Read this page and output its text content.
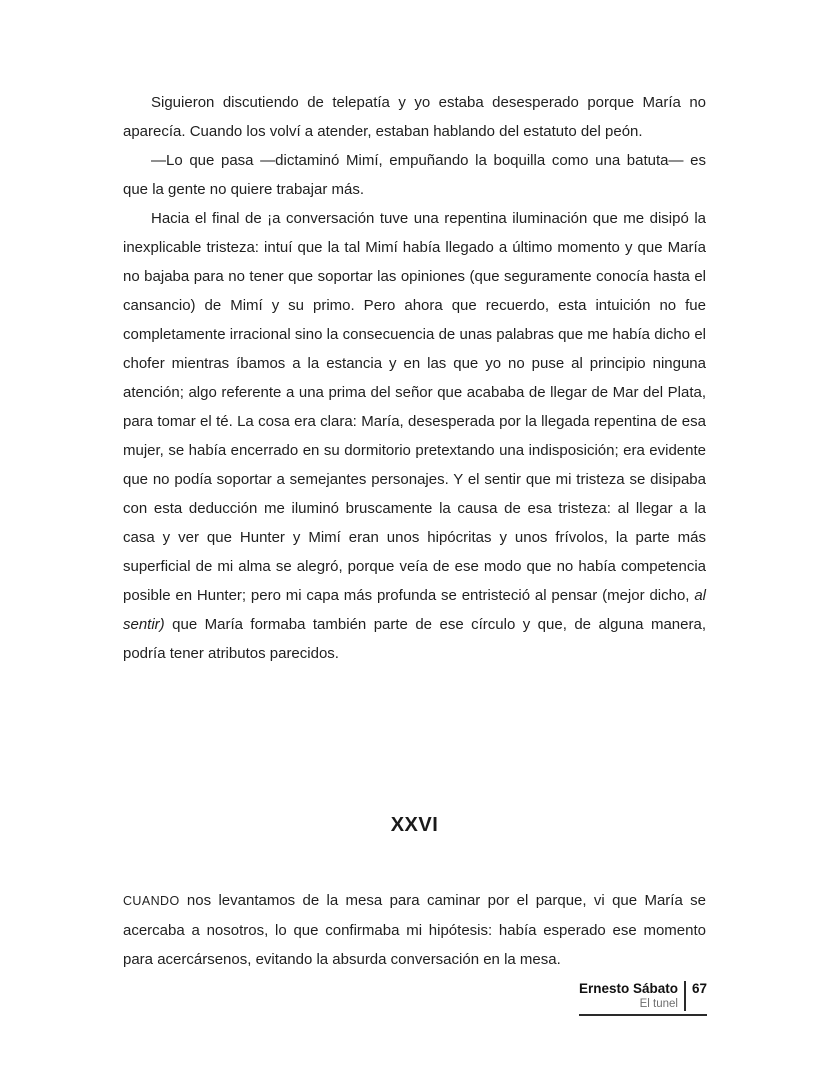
Siguieron discutiendo de telepatía y yo estaba desesperado porque María no aparecía. Cuando los volví a atender, estaban hablando del estatuto del peón.

—Lo que pasa —dictaminó Mimí, empuñando la boquilla como una batuta— es que la gente no quiere trabajar más.

Hacia el final de ¡a conversación tuve una repentina iluminación que me disipó la inexplicable tristeza: intuí que la tal Mimí había llegado a último momento y que María no bajaba para no tener que soportar las opiniones (que seguramente conocía hasta el cansancio) de Mimí y su primo. Pero ahora que recuerdo, esta intuición no fue completamente irracional sino la consecuencia de unas palabras que me había dicho el chofer mientras íbamos a la estancia y en las que yo no puse al principio ninguna atención; algo referente a una prima del señor que acababa de llegar de Mar del Plata, para tomar el té. La cosa era clara: María, desesperada por la llegada repentina de esa mujer, se había encerrado en su dormitorio pretextando una indisposición; era evidente que no podía soportar a semejantes personajes. Y el sentir que mi tristeza se disipaba con esta deducción me iluminó bruscamente la causa de esa tristeza: al llegar a la casa y ver que Hunter y Mimí eran unos hipócritas y unos frívolos, la parte más superficial de mi alma se alegró, porque veía de ese modo que no había competencia posible en Hunter; pero mi capa más profunda se entristeció al pensar (mejor dicho, al sentir) que María formaba también parte de ese círculo y que, de alguna manera, podría tener atributos parecidos.

XXVI

CUANDO nos levantamos de la mesa para caminar por el parque, vi que María se acercaba a nosotros, lo que confirmaba mi hipótesis: había esperado ese momento para acercársenos, evitando la absurda conversación en la mesa.

Ernesto Sábato
El tunel
67
